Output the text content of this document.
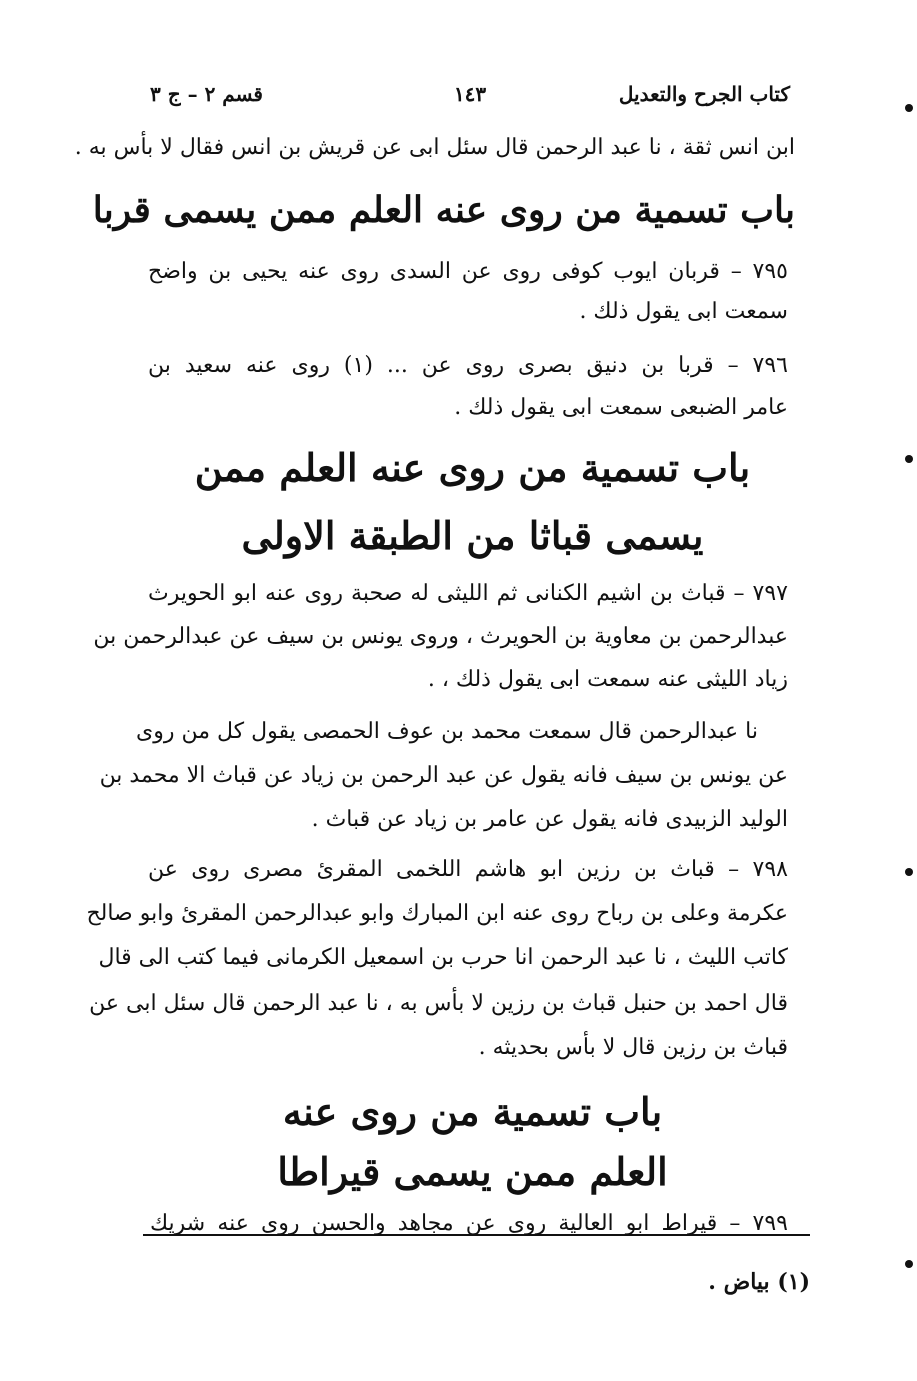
كتاب الجرح والتعديل
١٤٣
قسم ٢ – ج ٣
ابن انس ثقة ، نا عبد الرحمن قال سئل ابى عن قريش بن انس فقال لا بأس به .
باب تسمية من روى عنه العلم ممن يسمى قربا
٧٩٥ – قربان ايوب كوفى روى عن السدى روى عنه يحيى بن واضح
سمعت ابى يقول ذلك .
٧٩٦ – قربا بن دنيق بصرى روى عن ... (١) روى عنه سعيد بن
عامر الضبعى سمعت ابى يقول ذلك .
باب تسمية من روى عنه العلم ممن
يسمى قباثا من الطبقة الاولى
٧٩٧ – قباث بن اشيم الكنانى ثم الليثى له صحبة روى عنه ابو الحويرث
عبدالرحمن بن معاوية بن الحويرث ، وروى يونس بن سيف عن عبدالرحمن بن
زياد الليثى عنه سمعت ابى يقول ذلك ، .
نا عبدالرحمن قال سمعت محمد بن عوف الحمصى يقول كل من روى
عن يونس بن سيف فانه يقول عن عبد الرحمن بن زياد عن قباث الا محمد بن
الوليد الزبيدى فانه يقول عن عامر بن زياد عن قباث .
٧٩٨ – قباث بن رزين ابو هاشم اللخمى المقرئ مصرى روى عن
عكرمة وعلى بن رباح روى عنه ابن المبارك وابو عبدالرحمن المقرئ وابو صالح
كاتب الليث ، نا عبد الرحمن انا حرب بن اسمعيل الكرمانى فيما كتب الى قال
قال احمد بن حنبل قباث بن رزين لا بأس به ، نا عبد الرحمن قال سئل ابى عن
قباث بن رزين قال لا بأس بحديثه .
باب تسمية من روى عنه
العلم ممن يسمى قيراطا
٧٩٩ – قيراط ابو العالية روى عن مجاهد والحسن روى عنه شريك
(١) بياض .
